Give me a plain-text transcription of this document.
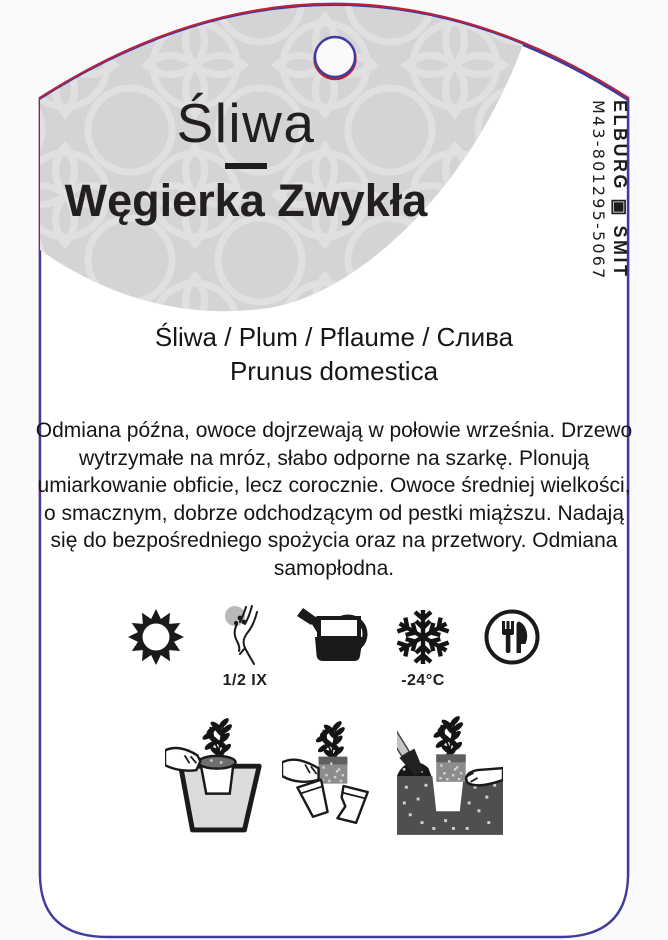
Śliwa
Węgierka Zwykła	ELBURG ▣ SMIT
M43-801295-5067
Śliwa / Plum / Pflaume / Слива
Prunus domestica
Odmiana późna, owoce dojrzewają w połowie września. Drzewo wytrzymałe na mróz, słabo odporne na szarkę. Plonują umiarkowanie obficie, lecz corocznie. Owoce średniej wielkości, o smacznym, dobrze odchodzącym od pestki miąższu. Nadają się do bezpośredniego spożycia oraz na przetwory. Odmiana samopłodna.
1/2 IX	-24°C
